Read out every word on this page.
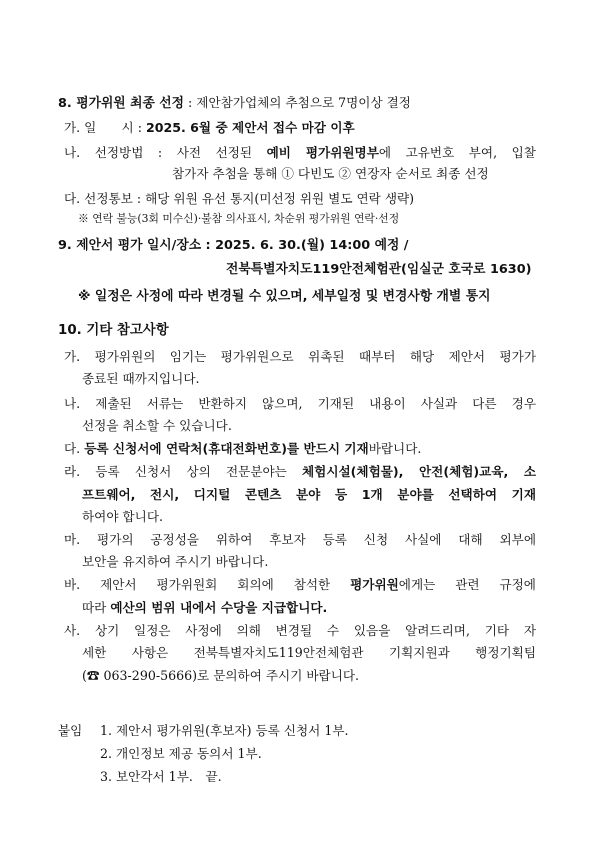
8. 평가위원 최종 선정 : 제안참가업체의 추첨으로 7명이상 결정
가. 일  시 : 2025. 6월 중 제안서 접수 마감 이후
나. 선정방법 : 사전 선정된 예비 평가위원명부에 고유번호 부여, 입찰
참가자 추첨을 통해 ① 다빈도 ② 연장자 순서로 최종 선정
다. 선정통보 : 해당 위원 유선 통지(미선정 위원 별도 연락 생략)
※ 연락 불능(3회 미수신)·불참 의사표시, 차순위 평가위원 연락·선정
9. 제안서 평가 일시/장소 : 2025. 6. 30.(월) 14:00 예정 /
전북특별자치도119안전체험관(임실군 호국로 1630)
※ 일정은 사정에 따라 변경될 수 있으며, 세부일정 및 변경사항 개별 통지
10. 기타 참고사항
가. 평가위원의 임기는 평가위원으로 위촉된 때부터 해당 제안서 평가가
종료된 때까지입니다.
나. 제출된 서류는 반환하지 않으며, 기재된 내용이 사실과 다른 경우
선정을 취소할 수 있습니다.
다. 등록 신청서에 연락처(휴대전화번호)를 반드시 기재바랍니다.
라. 등록 신청서 상의 전문분야는 체험시설(체험물), 안전(체험)교육, 소
프트웨어, 전시, 디지털 콘텐츠 분야 등 1개 분야를 선택하여 기재
하여야 합니다.
마. 평가의 공정성을 위하여 후보자 등록 신청 사실에 대해 외부에
보안을 유지하여 주시기 바랍니다.
바. 제안서 평가위원회 회의에 참석한 평가위원에게는 관련 규정에
따라 예산의 범위 내에서 수당을 지급합니다.
사. 상기 일정은 사정에 의해 변경될 수 있음을 알려드리며, 기타 자
세한 사항은 전북특별자치도119안전체험관 기획지원과 행정기획팀
(☎ 063-290-5666)로 문의하여 주시기 바랍니다.
붙임 1. 제안서 평가위원(후보자) 등록 신청서 1부.
2. 개인정보 제공 동의서 1부.
3. 보안각서 1부. 끝.
